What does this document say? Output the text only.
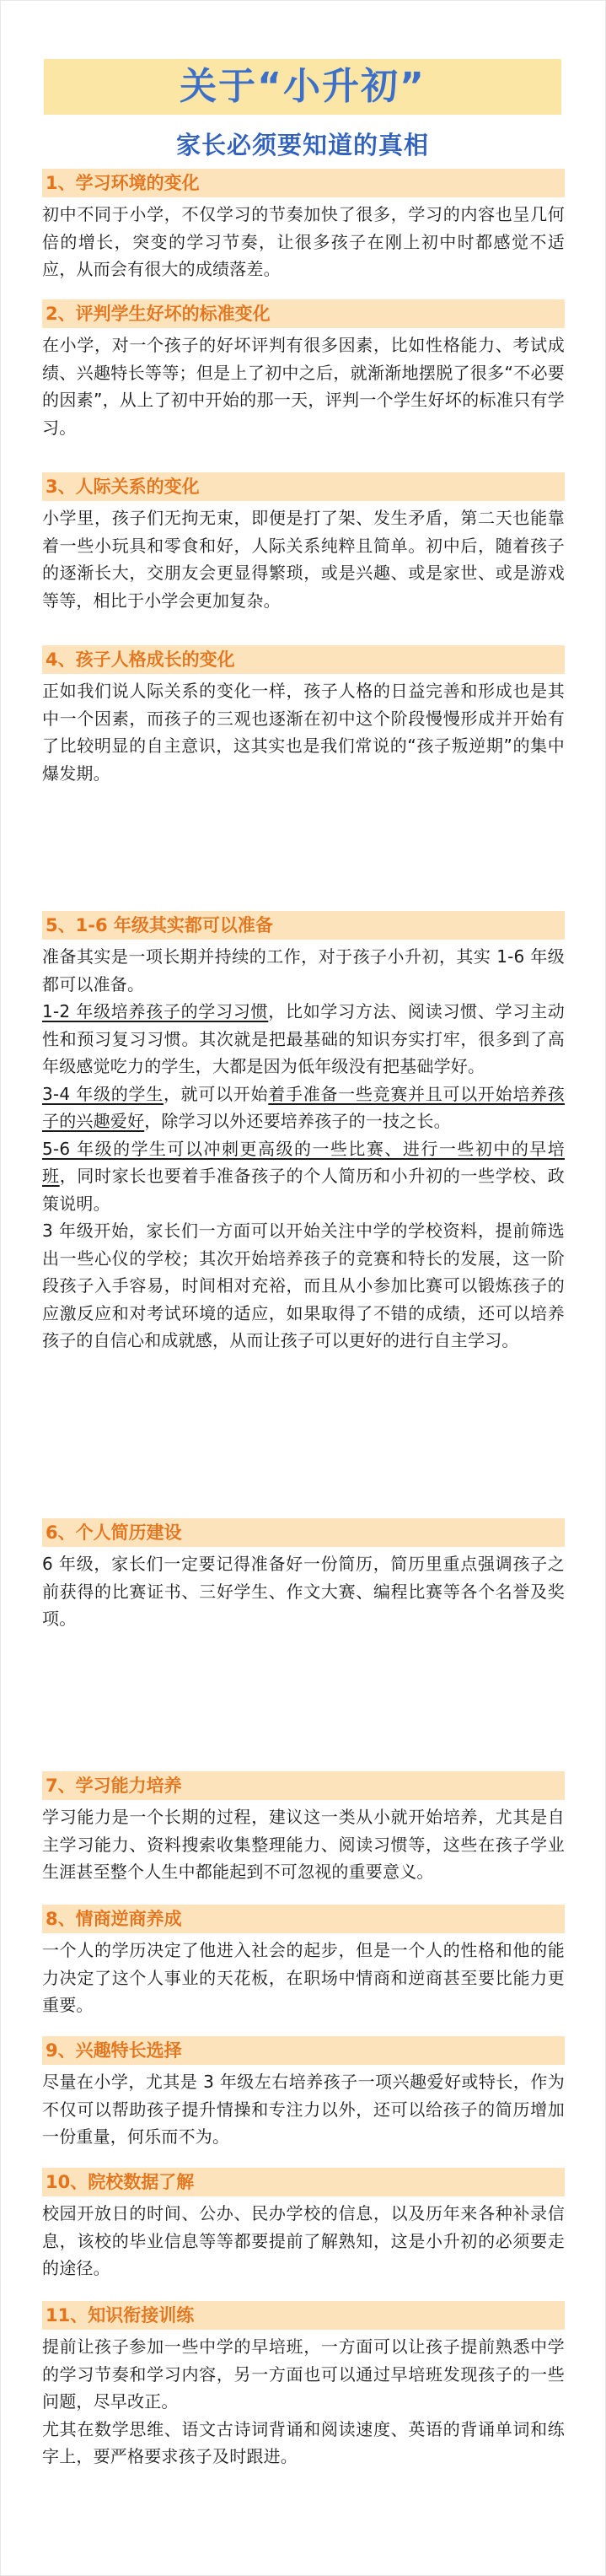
关于“小升初”
家长必须要知道的真相
1、学习环境的变化

初中不同于小学，不仅学习的节奏加快了很多，学习的内容也呈几何倍的增长，突变的学习节奏，让很多孩子在刚上初中时都感觉不适应，从而会有很大的成绩落差。

2、评判学生好坏的标准变化

在小学，对一个孩子的好坏评判有很多因素，比如性格能力、考试成绩、兴趣特长等等；但是上了初中之后，就渐渐地摆脱了很多“不必要的因素”，从上了初中开始的那一天，评判一个学生好坏的标准只有学习。

3、人际关系的变化

小学里，孩子们无拘无束，即便是打了架、发生矛盾，第二天也能靠着一些小玩具和零食和好，人际关系纯粹且简单。初中后，随着孩子的逐渐长大，交朋友会更显得繁琐，或是兴趣、或是家世、或是游戏等等，相比于小学会更加复杂。

4、孩子人格成长的变化

正如我们说人际关系的变化一样，孩子人格的日益完善和形成也是其中一个因素，而孩子的三观也逐渐在初中这个阶段慢慢形成并开始有了比较明显的自主意识，这其实也是我们常说的“孩子叛逆期”的集中爆发期。

5、1-6 年级其实都可以准备

准备其实是一项长期并持续的工作，对于孩子小升初，其实 1-6 年级都可以准备。

1-2 年级培养孩子的学习习惯，比如学习方法、阅读习惯、学习主动性和预习复习习惯。其次就是把最基础的知识夯实打牢，很多到了高年级感觉吃力的学生，大都是因为低年级没有把基础学好。

3-4 年级的学生，就可以开始着手准备一些竞赛并且可以开始培养孩子的兴趣爱好，除学习以外还要培养孩子的一技之长。

5-6 年级的学生可以冲刺更高级的一些比赛、进行一些初中的早培班，同时家长也要着手准备孩子的个人简历和小升初的一些学校、政策说明。

3 年级开始，家长们一方面可以开始关注中学的学校资料，提前筛选出一些心仪的学校；其次开始培养孩子的竞赛和特长的发展，这一阶段孩子入手容易，时间相对充裕，而且从小参加比赛可以锻炼孩子的应激反应和对考试环境的适应，如果取得了不错的成绩，还可以培养孩子的自信心和成就感，从而让孩子可以更好的进行自主学习。

6、个人简历建设

6 年级，家长们一定要记得准备好一份简历，简历里重点强调孩子之前获得的比赛证书、三好学生、作文大赛、编程比赛等各个名誉及奖项。

7、学习能力培养

学习能力是一个长期的过程，建议这一类从小就开始培养，尤其是自主学习能力、资料搜索收集整理能力、阅读习惯等，这些在孩子学业生涯甚至整个人生中都能起到不可忽视的重要意义。

8、情商逆商养成

一个人的学历决定了他进入社会的起步，但是一个人的性格和他的能力决定了这个人事业的天花板，在职场中情商和逆商甚至要比能力更重要。

9、兴趣特长选择

尽量在小学，尤其是 3 年级左右培养孩子一项兴趣爱好或特长，作为不仅可以帮助孩子提升情操和专注力以外，还可以给孩子的简历增加一份重量，何乐而不为。

10、院校数据了解

校园开放日的时间、公办、民办学校的信息，以及历年来各种补录信息，该校的毕业信息等等都要提前了解熟知，这是小升初的必须要走的途径。

11、知识衔接训练

提前让孩子参加一些中学的早培班，一方面可以让孩子提前熟悉中学的学习节奏和学习内容，另一方面也可以通过早培班发现孩子的一些问题，尽早改正。

尤其在数学思维、语文古诗词背诵和阅读速度、英语的背诵单词和练字上，要严格要求孩子及时跟进。
